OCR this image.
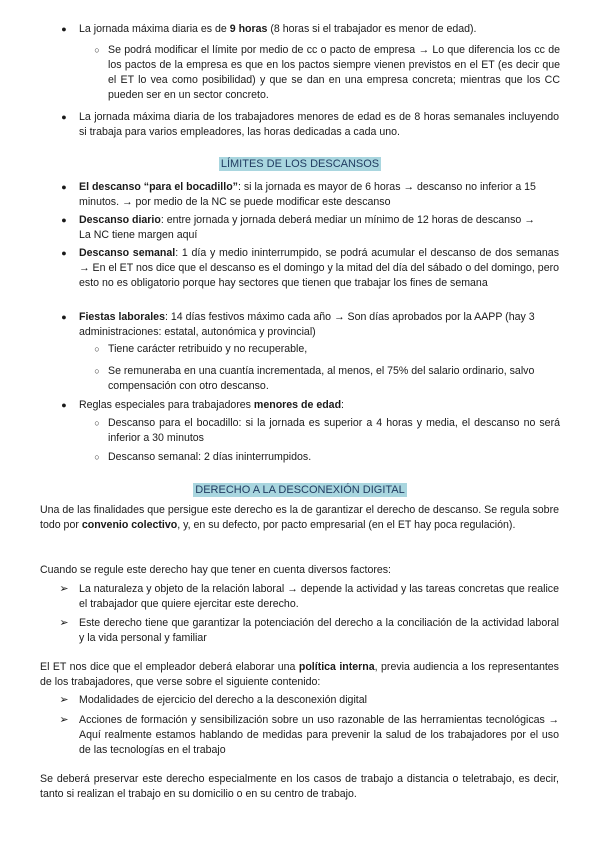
● La jornada máxima diaria es de 9 horas (8 horas si el trabajador es menor de edad).
○ Se podrá modificar el límite por medio de cc o pacto de empresa → Lo que diferencia los cc de los pactos de la empresa es que en los pactos siempre vienen previstos en el ET (es decir que el ET lo vea como posibilidad) y que se dan en una empresa concreta; mientras que los CC pueden ser en un sector concreto.
● La jornada máxima diaria de los trabajadores menores de edad es de 8 horas semanales incluyendo si trabaja para varios empleadores, las horas dedicadas a cada uno.
LÍMITES DE LOS DESCANSOS
● El descanso “para el bocadillo”: si la jornada es mayor de 6 horas → descanso no inferior a 15
minutos. → por medio de la NC se puede modificar este descanso
● Descanso diario: entre jornada y jornada deberá mediar un mínimo de 12 horas de descanso →
La NC tiene margen aquí
● Descanso semanal: 1 día y medio ininterrumpido, se podrá acumular el descanso de dos semanas → En el ET nos dice que el descanso es el domingo y la mitad del día del sábado o del domingo, pero esto no es obligatorio porque hay sectores que tienen que trabajar los fines de semana
● Fiestas laborales: 14 días festivos máximo cada año → Son días aprobados por la AAPP (hay 3
administraciones: estatal, autonómica y provincial)
○ Tiene carácter retribuido y no recuperable,
○ Se remuneraba en una cuantía incrementada, al menos, el 75% del salario ordinario, salvo compensación con otro descanso.
● Reglas especiales para trabajadores menores de edad:
○ Descanso para el bocadillo: si la jornada es superior a 4 horas y media, el descanso no será inferior a 30 minutos
○ Descanso semanal: 2 días ininterrumpidos.
DERECHO A LA DESCONEXIÓN DIGITAL
Una de las finalidades que persigue este derecho es la de garantizar el derecho de descanso. Se regula sobre todo por convenio colectivo, y, en su defecto, por pacto empresarial (en el ET hay poca regulación).
Cuando se regule este derecho hay que tener en cuenta diversos factores:
➢ La naturaleza y objeto de la relación laboral → depende la actividad y las tareas concretas que realice el trabajador que quiere ejercitar este derecho.
➢ Este derecho tiene que garantizar la potenciación del derecho a la conciliación de la actividad laboral y la vida personal y familiar
El ET nos dice que el empleador deberá elaborar una política interna, previa audiencia a los representantes de los trabajadores, que verse sobre el siguiente contenido:
➢ Modalidades de ejercicio del derecho a la desconexión digital
➢ Acciones de formación y sensibilización sobre un uso razonable de las herramientas tecnológicas → Aquí realmente estamos hablando de medidas para prevenir la salud de los trabajadores por el uso de las tecnologías en el trabajo
Se deberá preservar este derecho especialmente en los casos de trabajo a distancia o teletrabajo, es decir, tanto si realizan el trabajo en su domicilio o en su centro de trabajo.
